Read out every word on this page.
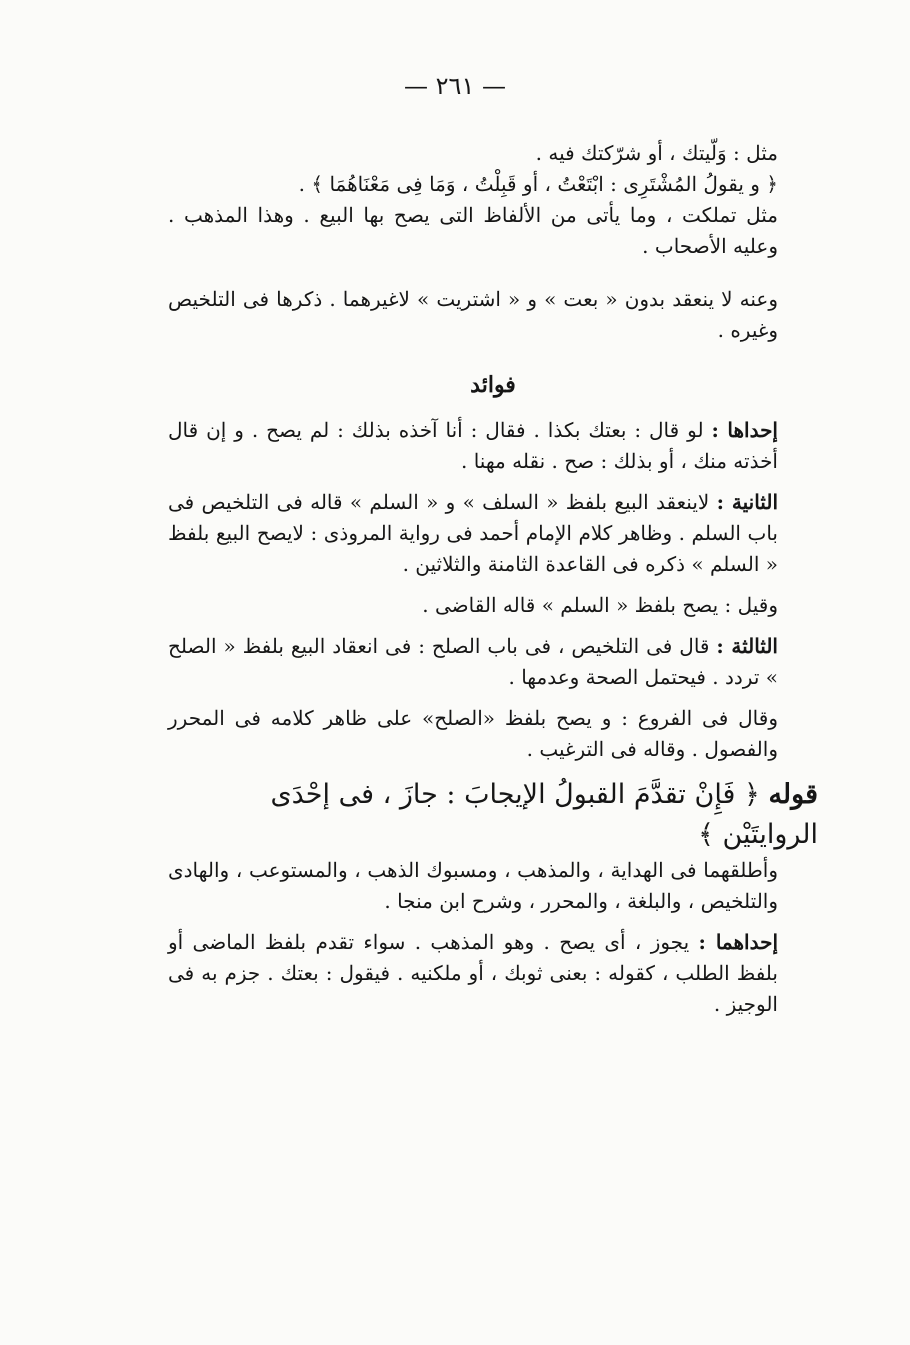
— ٢٦١ —

مثل : وَلّيتك ، أو شرّكتك فيه .

﴿ و يقولُ المُشْتَرِى : ابْتَعْتُ ، أو قَبِلْتُ ، وَمَا فِى مَعْنَاهُمَا ﴾ .

مثل تملكت ، وما يأتى من الألفاظ التى يصح بها البيع . وهذا المذهب . وعليه الأصحاب .

وعنه لا ينعقد بدون « بعت » و « اشتريت » لاغيرهما . ذكرها فى التلخيص وغيره .

فوائد

إحداها : لو قال : بعتك بكذا . فقال : أنا آخذه بذلك : لم يصح . و إن قال أخذته منك ، أو بذلك : صح . نقله مهنا .

الثانية : لاينعقد البيع بلفظ « السلف » و « السلم » قاله فى التلخيص فى باب السلم . وظاهر كلام الإمام أحمد فى رواية المروذى : لايصح البيع بلفظ « السلم » ذكره فى القاعدة الثامنة والثلاثين .

وقيل : يصح بلفظ « السلم » قاله القاضى .

الثالثة : قال فى التلخيص ، فى باب الصلح : فى انعقاد البيع بلفظ « الصلح » تردد . فيحتمل الصحة وعدمها .

وقال فى الفروع : و يصح بلفظ «الصلح» على ظاهر كلامه فى المحرر والفصول . وقاله فى الترغيب .

قوله ﴿ فَإِنْ تقدَّمَ القبولُ الإيجابَ : جازَ ، فى إحْدَى الروايتَيْن ﴾

وأطلقهما فى الهداية ، والمذهب ، ومسبوك الذهب ، والمستوعب ، والهادى والتلخيص ، والبلغة ، والمحرر ، وشرح ابن منجا .

إحداهما : يجوز ، أى يصح . وهو المذهب . سواء تقدم بلفظ الماضى أو بلفظ الطلب ، كقوله : بعنى ثوبك ، أو ملكنيه . فيقول : بعتك . جزم به فى الوجيز .
